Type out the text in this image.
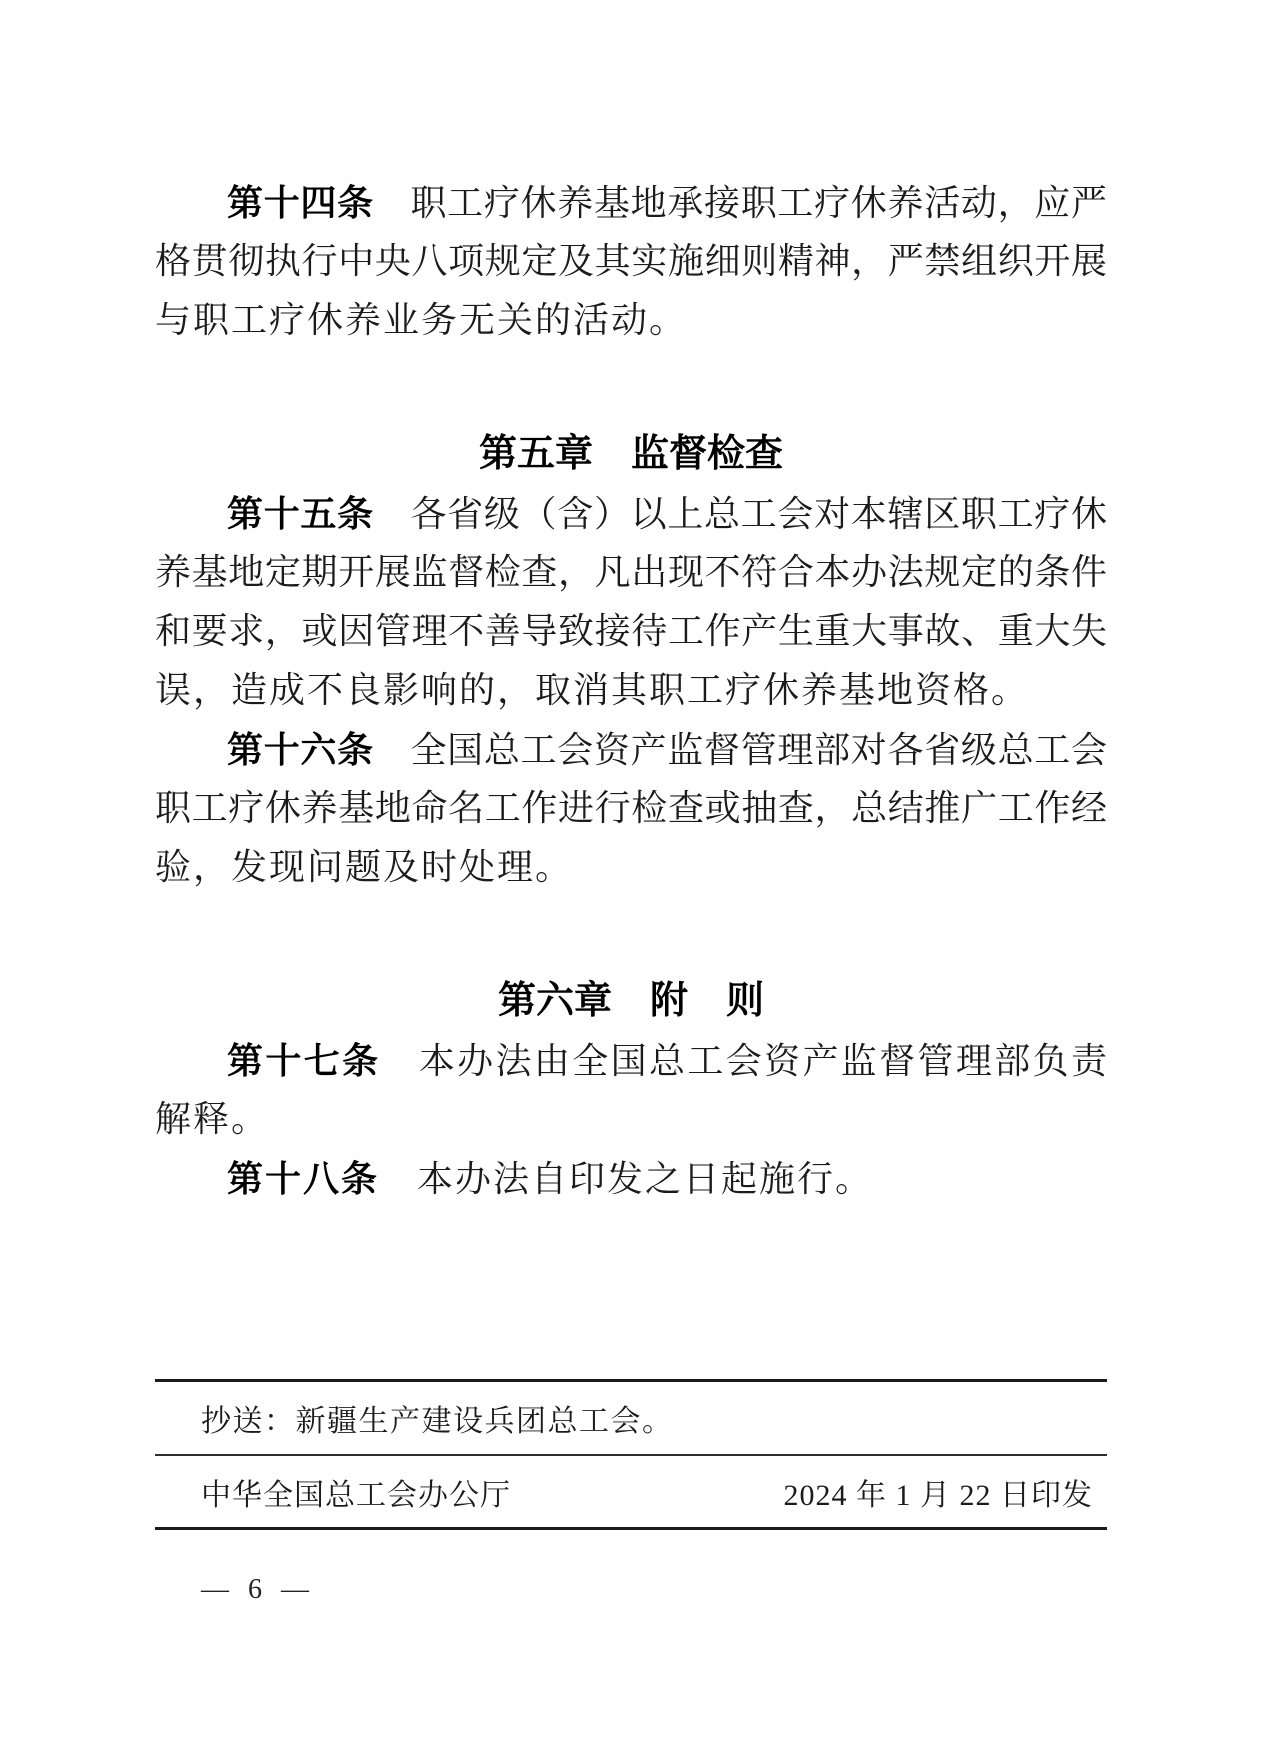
第十四条　职工疗休养基地承接职工疗休养活动，应严
格贯彻执行中央八项规定及其实施细则精神，严禁组织开展
与职工疗休养业务无关的活动。
第五章　监督检查
第十五条　各省级（含）以上总工会对本辖区职工疗休
养基地定期开展监督检查，凡出现不符合本办法规定的条件
和要求，或因管理不善导致接待工作产生重大事故、重大失
误，造成不良影响的，取消其职工疗休养基地资格。
第十六条　全国总工会资产监督管理部对各省级总工会
职工疗休养基地命名工作进行检查或抽查，总结推广工作经
验，发现问题及时处理。
第六章　附　则
第十七条　本办法由全国总工会资产监督管理部负责
解释。
第十八条　本办法自印发之日起施行。
抄送：新疆生产建设兵团总工会。
中华全国总工会办公厅	2024 年 1 月 22 日印发
— 6 —
